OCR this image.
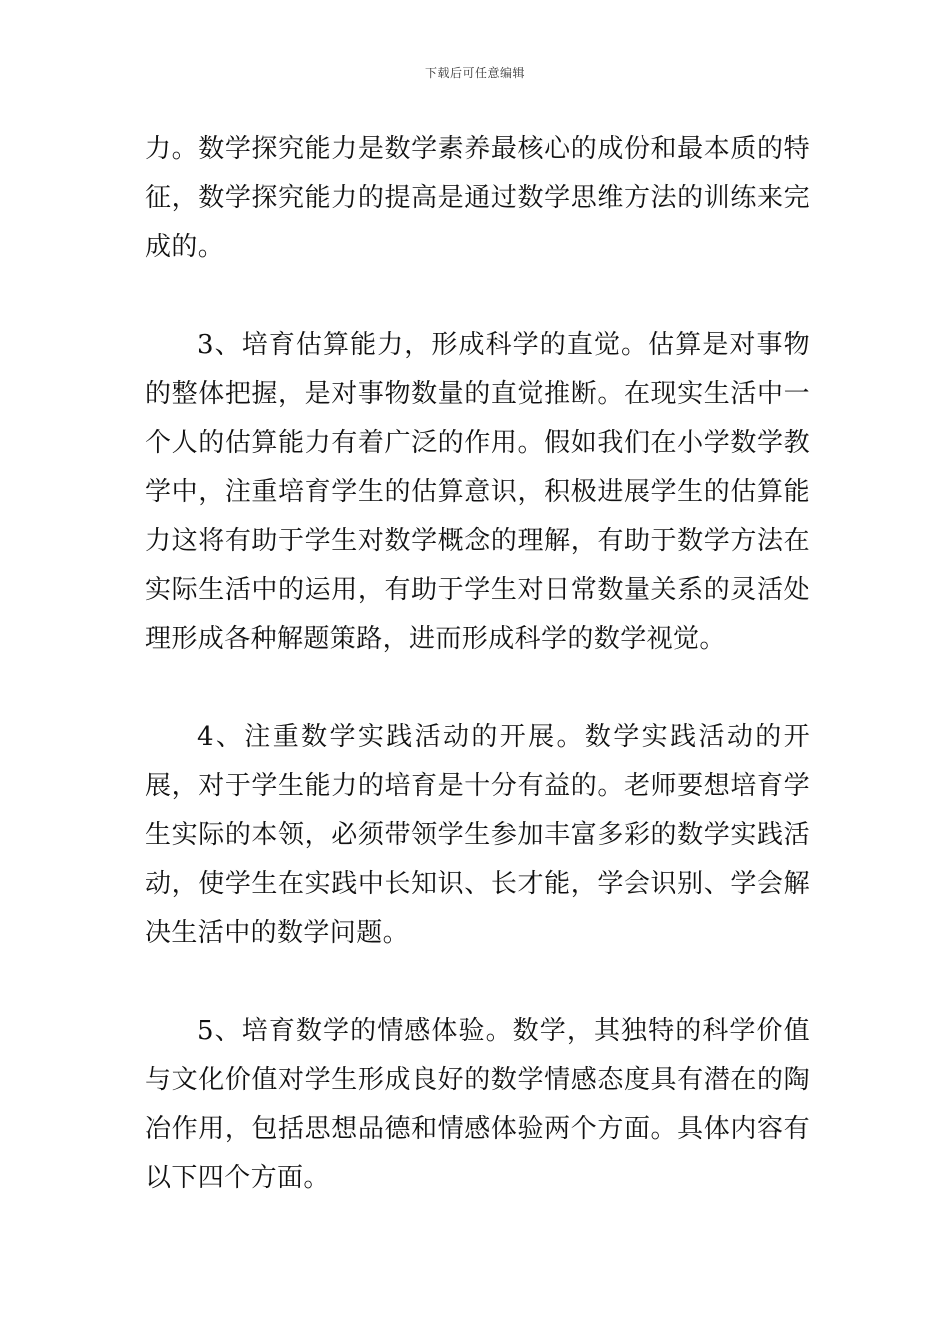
下载后可任意编辑

力。数学探究能力是数学素养最核心的成份和最本质的特征，数学探究能力的提高是通过数学思维方法的训练来完成的。

3、培育估算能力，形成科学的直觉。估算是对事物的整体把握，是对事物数量的直觉推断。在现实生活中一个人的估算能力有着广泛的作用。假如我们在小学数学教学中，注重培育学生的估算意识，积极进展学生的估算能力这将有助于学生对数学概念的理解，有助于数学方法在实际生活中的运用，有助于学生对日常数量关系的灵活处理形成各种解题策路，进而形成科学的数学视觉。

4、注重数学实践活动的开展。数学实践活动的开展，对于学生能力的培育是十分有益的。老师要想培育学生实际的本领，必须带领学生参加丰富多彩的数学实践活动，使学生在实践中长知识、长才能，学会识别、学会解决生活中的数学问题。

5、培育数学的情感体验。数学，其独特的科学价值与文化价值对学生形成良好的数学情感态度具有潜在的陶冶作用，包括思想品德和情感体验两个方面。具体内容有以下四个方面。
